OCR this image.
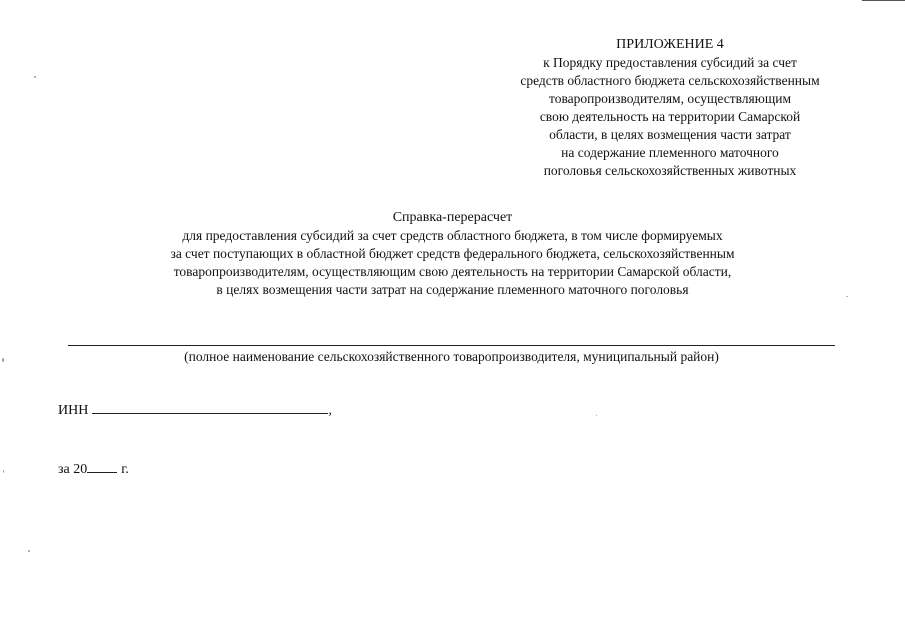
ПРИЛОЖЕНИЕ 4
к Порядку предоставления субсидий за счет
средств областного бюджета сельскохозяйственным
товаропроизводителям, осуществляющим
свою деятельность на территории Самарской
области, в целях возмещения части затрат
на содержание племенного маточного
поголовья сельскохозяйственных животных
Справка-перерасчет
для предоставления субсидий за счет средств областного бюджета, в том числе формируемых
за счет поступающих в областной бюджет средств федерального бюджета, сельскохозяйственным
товаропроизводителям, осуществляющим свою деятельность на территории Самарской области,
в целях возмещения части затрат на содержание племенного маточного поголовья
(полное наименование сельскохозяйственного товаропроизводителя, муниципальный район)
ИНН	,
за 20 г.
